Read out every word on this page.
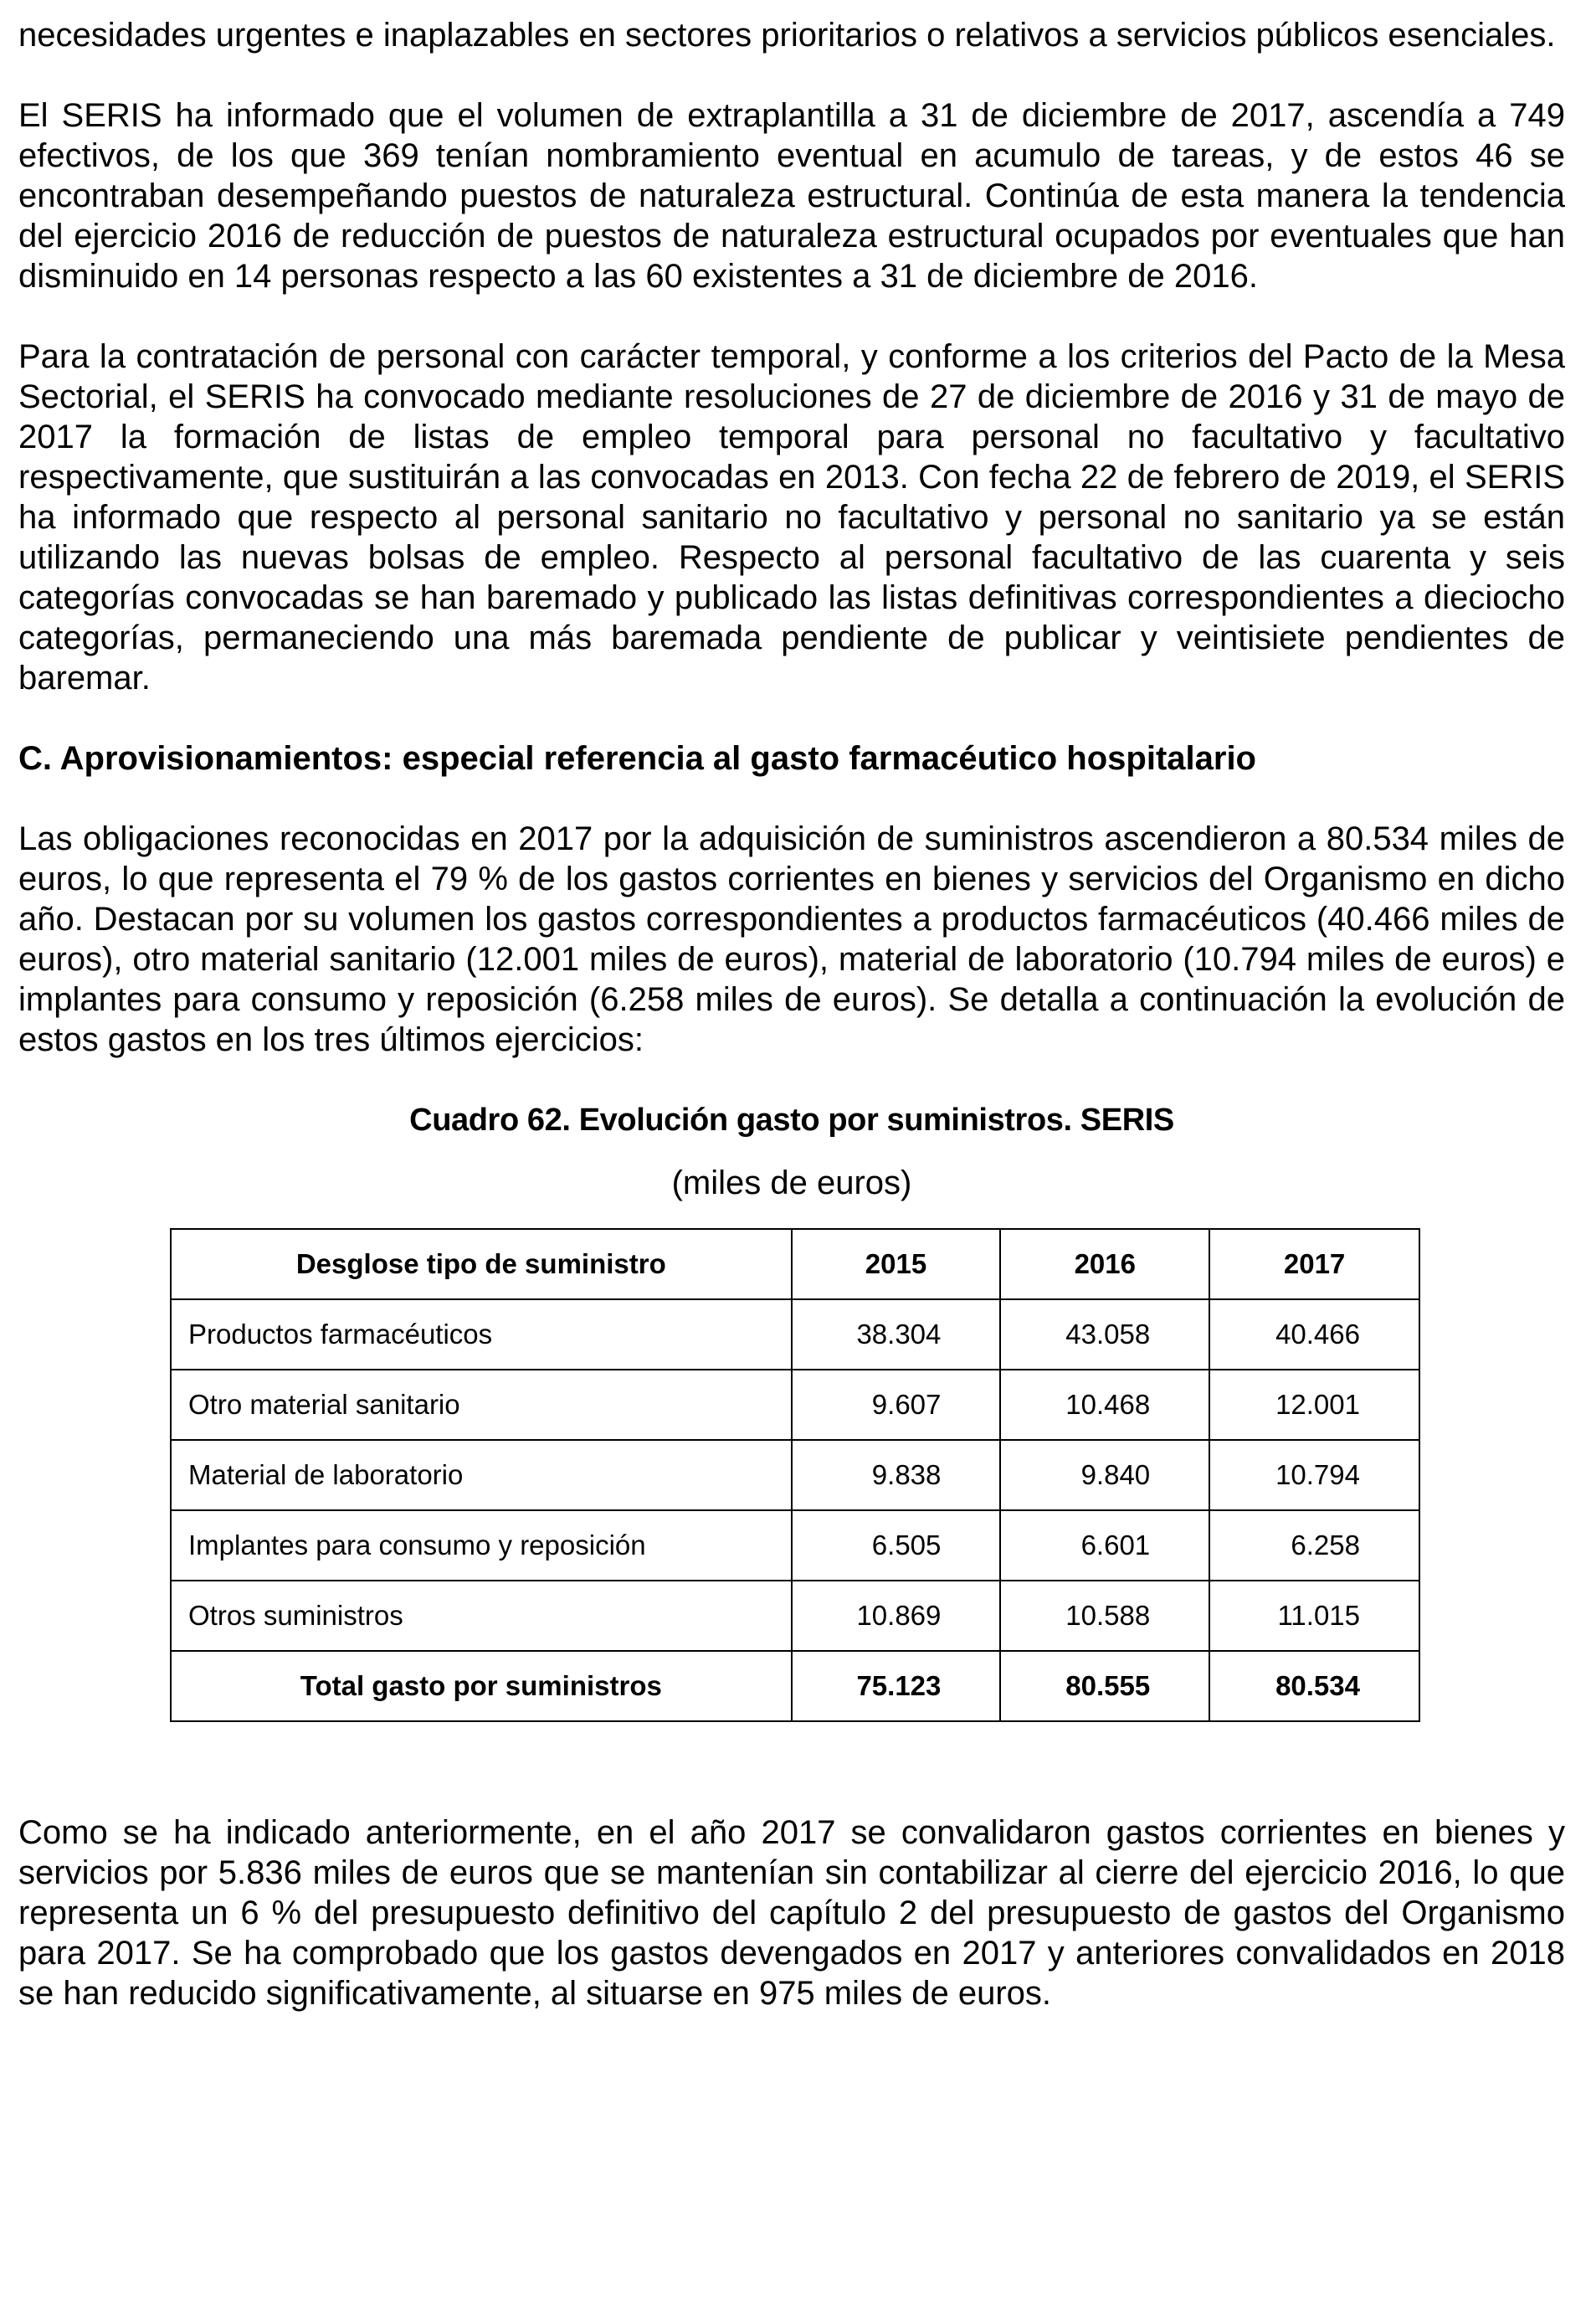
necesidades urgentes e inaplazables en sectores prioritarios o relativos a servicios públicos esenciales.

El SERIS ha informado que el volumen de extraplantilla a 31 de diciembre de 2017, ascendía a 749 efectivos, de los que 369 tenían nombramiento eventual en acumulo de tareas, y de estos 46 se encontraban desempeñando puestos de naturaleza estructural. Continúa de esta manera la tendencia del ejercicio 2016 de reducción de puestos de naturaleza estructural ocupados por eventuales que han disminuido en 14 personas respecto a las 60 existentes a 31 de diciembre de 2016.

Para la contratación de personal con carácter temporal, y conforme a los criterios del Pacto de la Mesa Sectorial, el SERIS ha convocado mediante resoluciones de 27 de diciembre de 2016 y 31 de mayo de 2017 la formación de listas de empleo temporal para personal no facultativo y facultativo respectivamente, que sustituirán a las convocadas en 2013. Con fecha 22 de febrero de 2019, el SERIS ha informado que respecto al personal sanitario no facultativo y personal no sanitario ya se están utilizando las nuevas bolsas de empleo. Respecto al personal facultativo de las cuarenta y seis categorías convocadas se han baremado y publicado las listas definitivas correspondientes a dieciocho categorías, permaneciendo una más baremada pendiente de publicar y veintisiete pendientes de baremar.

C. Aprovisionamientos: especial referencia al gasto farmacéutico hospitalario

Las obligaciones reconocidas en 2017 por la adquisición de suministros ascendieron a 80.534 miles de euros, lo que representa el 79 % de los gastos corrientes en bienes y servicios del Organismo en dicho año. Destacan por su volumen los gastos correspondientes a productos farmacéuticos (40.466 miles de euros), otro material sanitario (12.001 miles de euros), material de laboratorio (10.794 miles de euros) e implantes para consumo y reposición (6.258 miles de euros). Se detalla a continuación la evolución de estos gastos en los tres últimos ejercicios:

Cuadro 62. Evolución gasto por suministros. SERIS

(miles de euros)

Desglose tipo de suministro	2015	2016	2017
Productos farmacéuticos	38.304	43.058	40.466
Otro material sanitario	9.607	10.468	12.001
Material de laboratorio	9.838	9.840	10.794
Implantes para consumo y reposición	6.505	6.601	6.258
Otros suministros	10.869	10.588	11.015
Total gasto por suministros	75.123	80.555	80.534

Como se ha indicado anteriormente, en el año 2017 se convalidaron gastos corrientes en bienes y servicios por 5.836 miles de euros que se mantenían sin contabilizar al cierre del ejercicio 2016, lo que representa un 6 % del presupuesto definitivo del capítulo 2 del presupuesto de gastos del Organismo para 2017. Se ha comprobado que los gastos devengados en 2017 y anteriores convalidados en 2018 se han reducido significativamente, al situarse en 975 miles de euros.
